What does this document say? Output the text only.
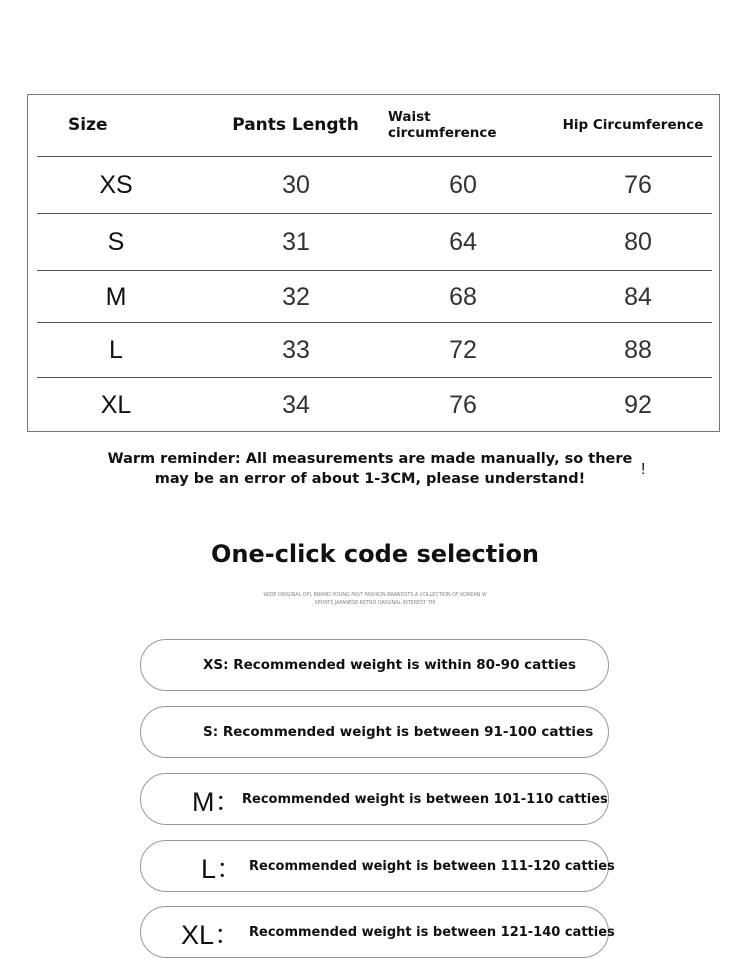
Size	Pants Length	Waist circumference	Hip Circumference
XS	30	60	76
S	31	64	80
M	32	68	84
L	33	72	88
XL	34	76	92
Warm reminder: All measurements are made manually, so there
may be an error of about 1-3CM, please understand!
!
One-click code selection
WIDE ORIGINAL OFL BRAND YOUNG FAST FASHION BRANDSTS A COLLECTION OF KOREAN W
SPORTS JAPANESE RETRO ORIGINAL INTEREST THI
XS: Recommended weight is within 80-90 catties
S: Recommended weight is between 91-100 catties
M： Recommended weight is between 101-110 catties
L： Recommended weight is between 111-120 catties
XL： Recommended weight is between 121-140 catties
